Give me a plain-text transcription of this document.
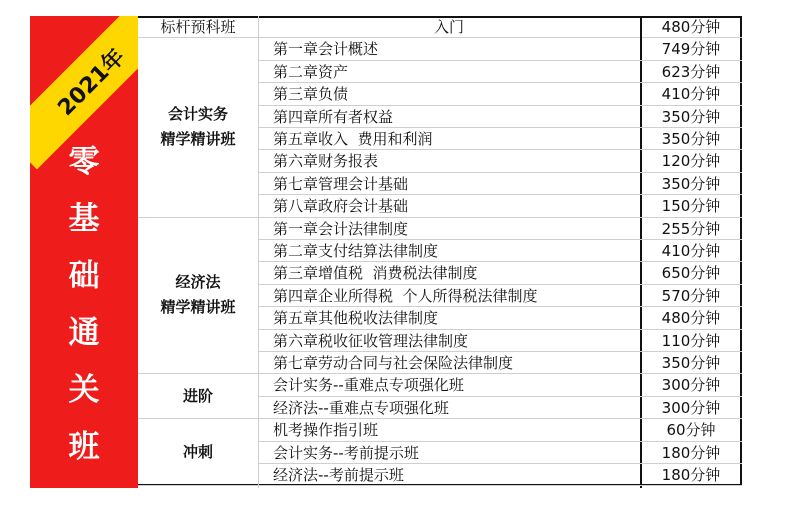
2021年
零
基
础
通
关
班
标杆预科班	入门	480分钟
会计实务
精学精讲班
第一章会计概述	749分钟
第二章资产	623分钟
第三章负债	410分钟
第四章所有者权益	350分钟
第五章收入  费用和利润	350分钟
第六章财务报表	120分钟
第七章管理会计基础	350分钟
第八章政府会计基础	150分钟
经济法
精学精讲班
第一章会计法律制度	255分钟
第二章支付结算法律制度	410分钟
第三章增值税  消费税法律制度	650分钟
第四章企业所得税  个人所得税法律制度	570分钟
第五章其他税收法律制度	480分钟
第六章税收征收管理法律制度	110分钟
第七章劳动合同与社会保险法律制度	350分钟
进阶
会计实务--重难点专项强化班	300分钟
经济法--重难点专项强化班	300分钟
冲刺
机考操作指引班	60分钟
会计实务--考前提示班	180分钟
经济法--考前提示班	180分钟
